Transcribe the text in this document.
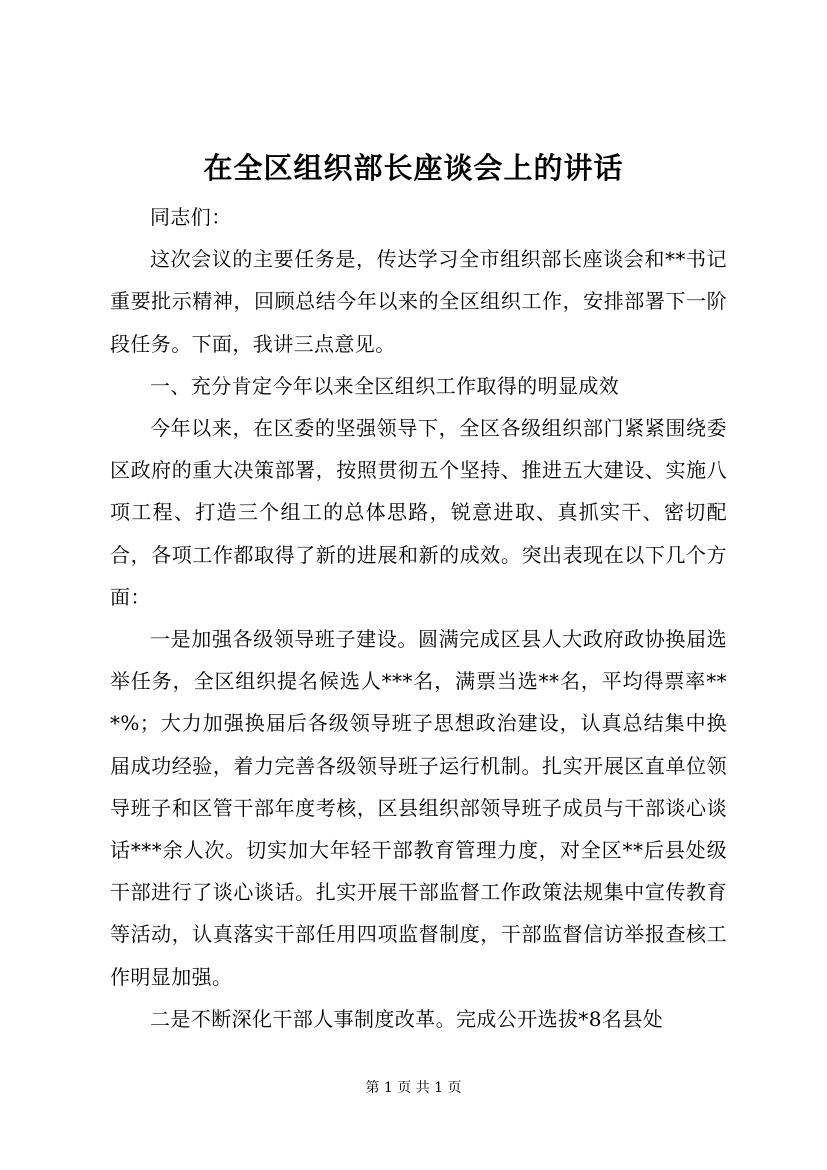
在全区组织部长座谈会上的讲话

同志们：

这次会议的主要任务是，传达学习全市组织部长座谈会和**书记重要批示精神，回顾总结今年以来的全区组织工作，安排部署下一阶段任务。下面，我讲三点意见。

一、充分肯定今年以来全区组织工作取得的明显成效

今年以来，在区委的坚强领导下，全区各级组织部门紧紧围绕委区政府的重大决策部署，按照贯彻五个坚持、推进五大建设、实施八项工程、打造三个组工的总体思路，锐意进取、真抓实干、密切配合，各项工作都取得了新的进展和新的成效。突出表现在以下几个方面：

一是加强各级领导班子建设。圆满完成区县人大政府政协换届选举任务，全区组织提名候选人***名，满票当选**名，平均得票率***%；大力加强换届后各级领导班子思想政治建设，认真总结集中换届成功经验，着力完善各级领导班子运行机制。扎实开展区直单位领导班子和区管干部年度考核，区县组织部领导班子成员与干部谈心谈话***余人次。切实加大年轻干部教育管理力度，对全区**后县处级干部进行了谈心谈话。扎实开展干部监督工作政策法规集中宣传教育等活动，认真落实干部任用四项监督制度，干部监督信访举报查核工作明显加强。

二是不断深化干部人事制度改革。完成公开选拔*8名县处

第 1 页 共 1 页
